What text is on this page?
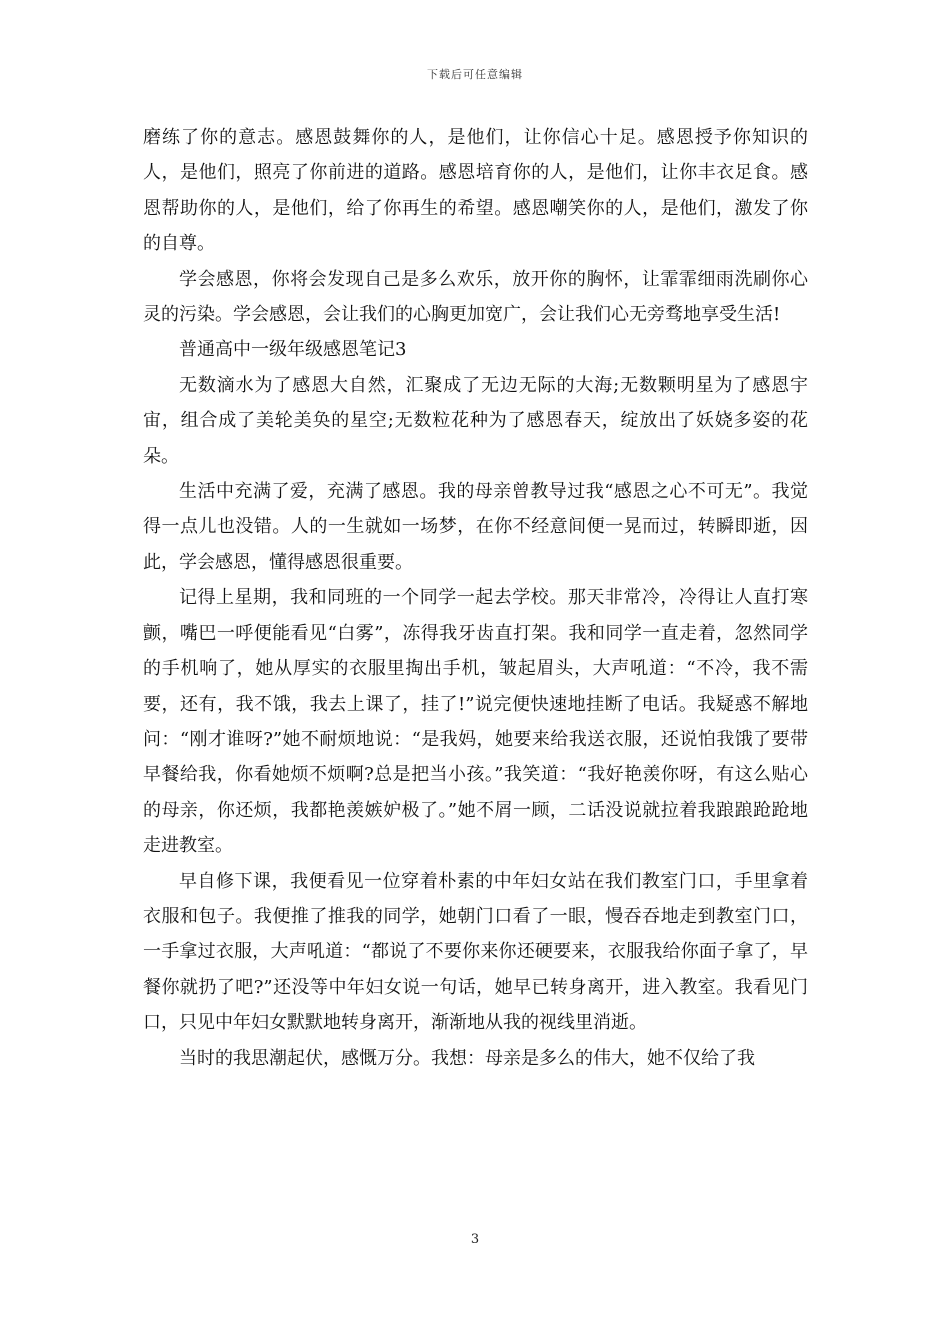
下载后可任意编辑

磨练了你的意志。感恩鼓舞你的人，是他们，让你信心十足。感恩授予你知识的人，是他们，照亮了你前进的道路。感恩培育你的人，是他们，让你丰衣足食。感恩帮助你的人，是他们，给了你再生的希望。感恩嘲笑你的人，是他们，激发了你的自尊。

学会感恩，你将会发现自己是多么欢乐，放开你的胸怀，让霏霏细雨洗刷你心灵的污染。学会感恩，会让我们的心胸更加宽广，会让我们心无旁骛地享受生活!

普通高中一级年级感恩笔记3

无数滴水为了感恩大自然，汇聚成了无边无际的大海;无数颗明星为了感恩宇宙，组合成了美轮美奂的星空;无数粒花种为了感恩春天，绽放出了妖娆多姿的花朵。

生活中充满了爱，充满了感恩。我的母亲曾教导过我“感恩之心不可无”。我觉得一点儿也没错。人的一生就如一场梦，在你不经意间便一晃而过，转瞬即逝，因此，学会感恩，懂得感恩很重要。

记得上星期，我和同班的一个同学一起去学校。那天非常冷，冷得让人直打寒颤，嘴巴一呼便能看见“白雾”，冻得我牙齿直打架。我和同学一直走着，忽然同学的手机响了，她从厚实的衣服里掏出手机，皱起眉头，大声吼道：“不冷，我不需要，还有，我不饿，我去上课了，挂了!”说完便快速地挂断了电话。我疑惑不解地问：“刚才谁呀?”她不耐烦地说：“是我妈，她要来给我送衣服，还说怕我饿了要带早餐给我，你看她烦不烦啊?总是把当小孩。”我笑道：“我好艳羡你呀，有这么贴心的母亲，你还烦，我都艳羡嫉妒极了。”她不屑一顾，二话没说就拉着我踉踉跄跄地走进教室。

早自修下课，我便看见一位穿着朴素的中年妇女站在我们教室门口，手里拿着衣服和包子。我便推了推我的同学，她朝门口看了一眼，慢吞吞地走到教室门口，一手拿过衣服，大声吼道：“都说了不要你来你还硬要来，衣服我给你面子拿了，早餐你就扔了吧?”还没等中年妇女说一句话，她早已转身离开，进入教室。我看见门口，只见中年妇女默默地转身离开，渐渐地从我的视线里消逝。

当时的我思潮起伏，感慨万分。我想：母亲是多么的伟大，她不仅给了我

3
